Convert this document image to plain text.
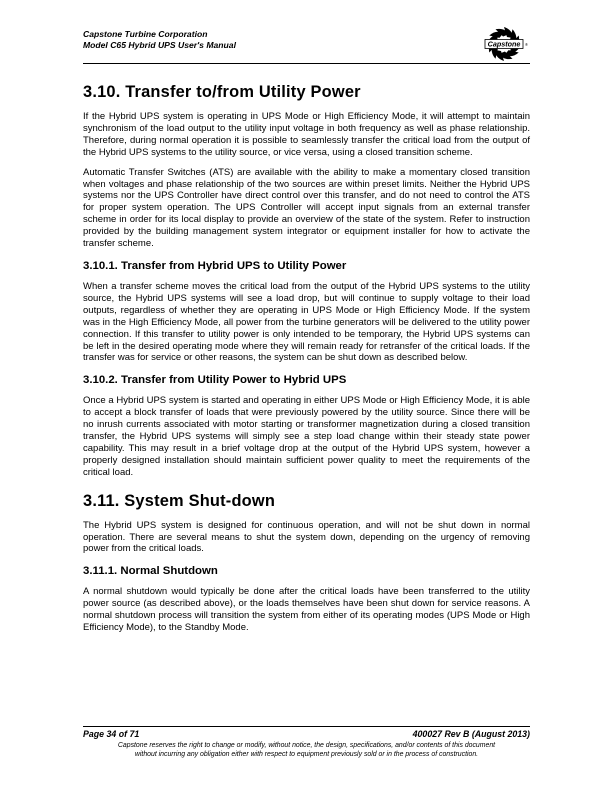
Capstone Turbine Corporation
Model C65 Hybrid UPS User's Manual	Capstone ®
3.10. Transfer to/from Utility Power

If the Hybrid UPS system is operating in UPS Mode or High Efficiency Mode, it will attempt to maintain synchronism of the load output to the utility input voltage in both frequency as well as phase relationship. Therefore, during normal operation it is possible to seamlessly transfer the critical load from the output of the Hybrid UPS systems to the utility source, or vice versa, using a closed transition scheme.

Automatic Transfer Switches (ATS) are available with the ability to make a momentary closed transition when voltages and phase relationship of the two sources are within preset limits. Neither the Hybrid UPS systems nor the UPS Controller have direct control over this transfer, and do not need to control the ATS for proper system operation. The UPS Controller will accept input signals from an external transfer scheme in order for its local display to provide an overview of the state of the system. Refer to instruction provided by the building management system integrator or equipment installer for how to activate the transfer scheme.

3.10.1. Transfer from Hybrid UPS to Utility Power

When a transfer scheme moves the critical load from the output of the Hybrid UPS systems to the utility source, the Hybrid UPS systems will see a load drop, but will continue to supply voltage to their load outputs, regardless of whether they are operating in UPS Mode or High Efficiency Mode. If the system was in the High Efficiency Mode, all power from the turbine generators will be delivered to the utility power connection. If this transfer to utility power is only intended to be temporary, the Hybrid UPS systems can be left in the desired operating mode where they will remain ready for retransfer of the critical loads. If the transfer was for service or other reasons, the system can be shut down as described below.

3.10.2. Transfer from Utility Power to Hybrid UPS

Once a Hybrid UPS system is started and operating in either UPS Mode or High Efficiency Mode, it is able to accept a block transfer of loads that were previously powered by the utility source. Since there will be no inrush currents associated with motor starting or transformer magnetization during a closed transition transfer, the Hybrid UPS systems will simply see a step load change within their steady state power capability. This may result in a brief voltage drop at the output of the Hybrid UPS system, however a properly designed installation should maintain sufficient power quality to meet the requirements of the critical load.

3.11. System Shut-down

The Hybrid UPS system is designed for continuous operation, and will not be shut down in normal operation. There are several means to shut the system down, depending on the urgency of removing power from the critical loads.

3.11.1. Normal Shutdown

A normal shutdown would typically be done after the critical loads have been transferred to the utility power source (as described above), or the loads themselves have been shut down for service reasons. A normal shutdown process will transition the system from either of its operating modes (UPS Mode or High Efficiency Mode), to the Standby Mode.

Page 34 of 71	400027 Rev B (August 2013)
Capstone reserves the right to change or modify, without notice, the design, specifications, and/or contents of this document
without incurring any obligation either with respect to equipment previously sold or in the process of construction.
